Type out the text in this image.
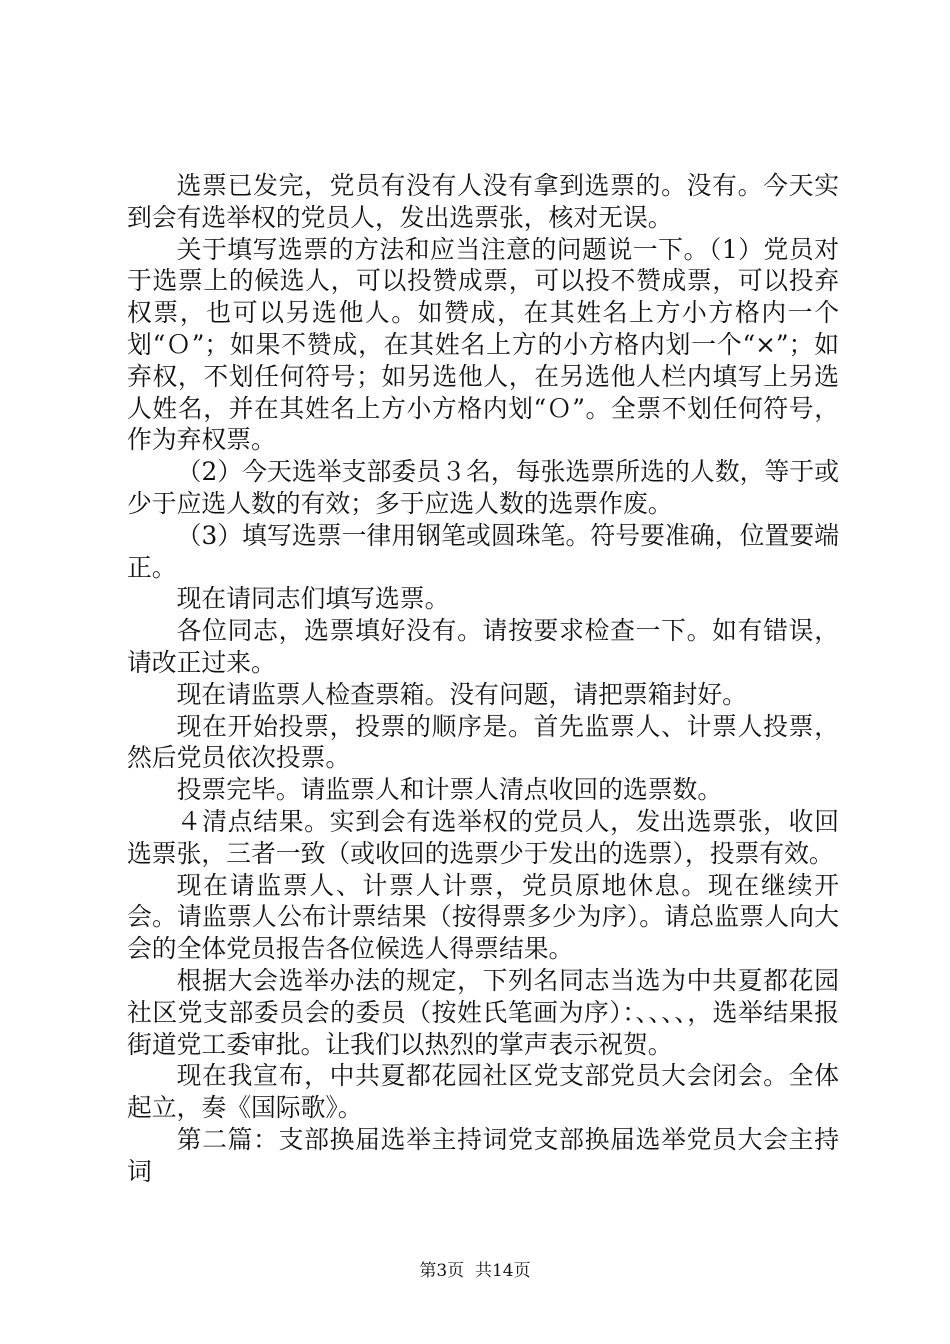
选票已发完，党员有没有人没有拿到选票的。没有。今天实到会有选举权的党员人，发出选票张，核对无误。

关于填写选票的方法和应当注意的问题说一下。（1）党员对于选票上的候选人，可以投赞成票，可以投不赞成票，可以投弃权票，也可以另选他人。如赞成，在其姓名上方小方格内一个划“Ｏ”；如果不赞成，在其姓名上方的小方格内划一个“×”；如弃权，不划任何符号；如另选他人，在另选他人栏内填写上另选人姓名，并在其姓名上方小方格内划“Ｏ”。全票不划任何符号，作为弃权票。

（2）今天选举支部委员３名，每张选票所选的人数，等于或少于应选人数的有效；多于应选人数的选票作废。

（3）填写选票一律用钢笔或圆珠笔。符号要准确，位置要端正。

现在请同志们填写选票。

各位同志，选票填好没有。请按要求检查一下。如有错误，请改正过来。

现在请监票人检查票箱。没有问题，请把票箱封好。

现在开始投票，投票的顺序是。首先监票人、计票人投票，然后党员依次投票。

投票完毕。请监票人和计票人清点收回的选票数。

４清点结果。实到会有选举权的党员人，发出选票张，收回选票张，三者一致（或收回的选票少于发出的选票），投票有效。

现在请监票人、计票人计票，党员原地休息。现在继续开会。请监票人公布计票结果（按得票多少为序）。请总监票人向大会的全体党员报告各位候选人得票结果。

根据大会选举办法的规定，下列名同志当选为中共夏都花园社区党支部委员会的委员（按姓氏笔画为序）：、、、、，选举结果报街道党工委审批。让我们以热烈的掌声表示祝贺。

现在我宣布，中共夏都花园社区党支部党员大会闭会。全体起立，奏《国际歌》。

第二篇：支部换届选举主持词党支部换届选举党员大会主持词

第3页  共14页
